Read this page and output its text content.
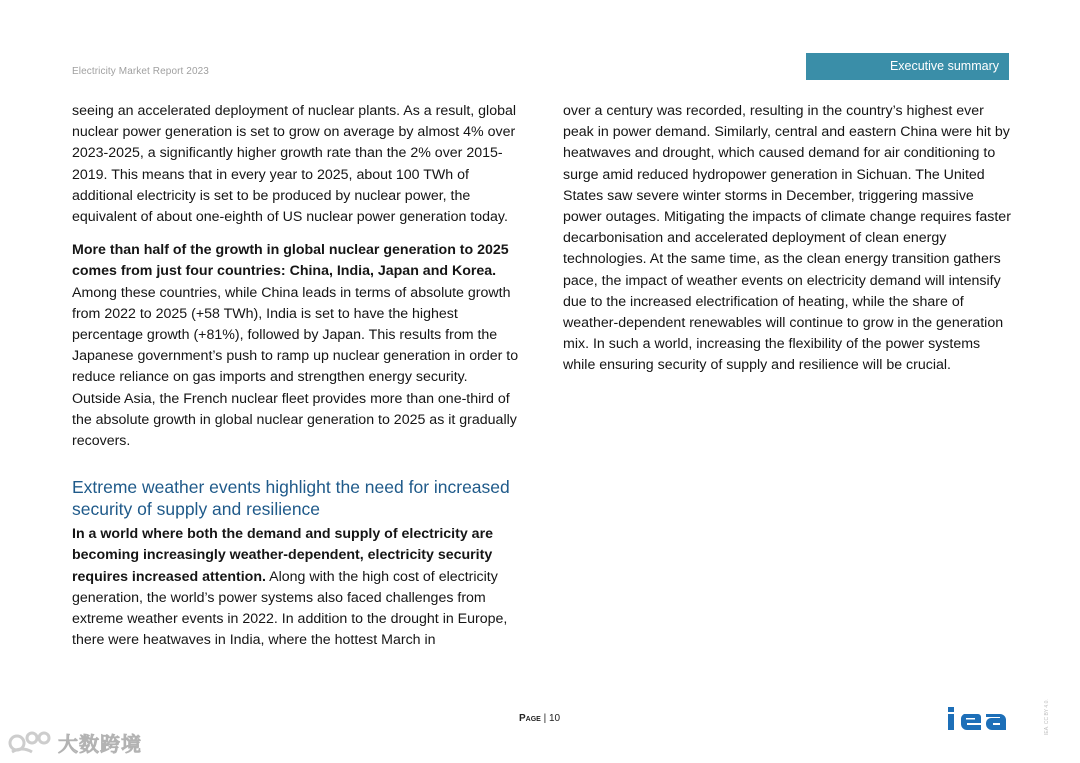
Electricity Market Report 2023	Executive summary

seeing an accelerated deployment of nuclear plants. As a result, global nuclear power generation is set to grow on average by almost 4% over 2023-2025, a significantly higher growth rate than the 2% over 2015-2019. This means that in every year to 2025, about 100 TWh of additional electricity is set to be produced by nuclear power, the equivalent of about one-eighth of US nuclear power generation today.

More than half of the growth in global nuclear generation to 2025 comes from just four countries: China, India, Japan and Korea. Among these countries, while China leads in terms of absolute growth from 2022 to 2025 (+58 TWh), India is set to have the highest percentage growth (+81%), followed by Japan. This results from the Japanese government’s push to ramp up nuclear generation in order to reduce reliance on gas imports and strengthen energy security. Outside Asia, the French nuclear fleet provides more than one-third of the absolute growth in global nuclear generation to 2025 as it gradually recovers.

Extreme weather events highlight the need for increased security of supply and resilience

In a world where both the demand and supply of electricity are becoming increasingly weather-dependent, electricity security requires increased attention. Along with the high cost of electricity generation, the world’s power systems also faced challenges from extreme weather events in 2022. In addition to the drought in Europe, there were heatwaves in India, where the hottest March in

over a century was recorded, resulting in the country’s highest ever peak in power demand. Similarly, central and eastern China were hit by heatwaves and drought, which caused demand for air conditioning to surge amid reduced hydropower generation in Sichuan. The United States saw severe winter storms in December, triggering massive power outages. Mitigating the impacts of climate change requires faster decarbonisation and accelerated deployment of clean energy technologies. At the same time, as the clean energy transition gathers pace, the impact of weather events on electricity demand will intensify due to the increased electrification of heating, while the share of weather-dependent renewables will continue to grow in the generation mix. In such a world, increasing the flexibility of the power systems while ensuring security of supply and resilience will be crucial.

Page | 10	IEA. CC BY 4.0.
大数跨境
